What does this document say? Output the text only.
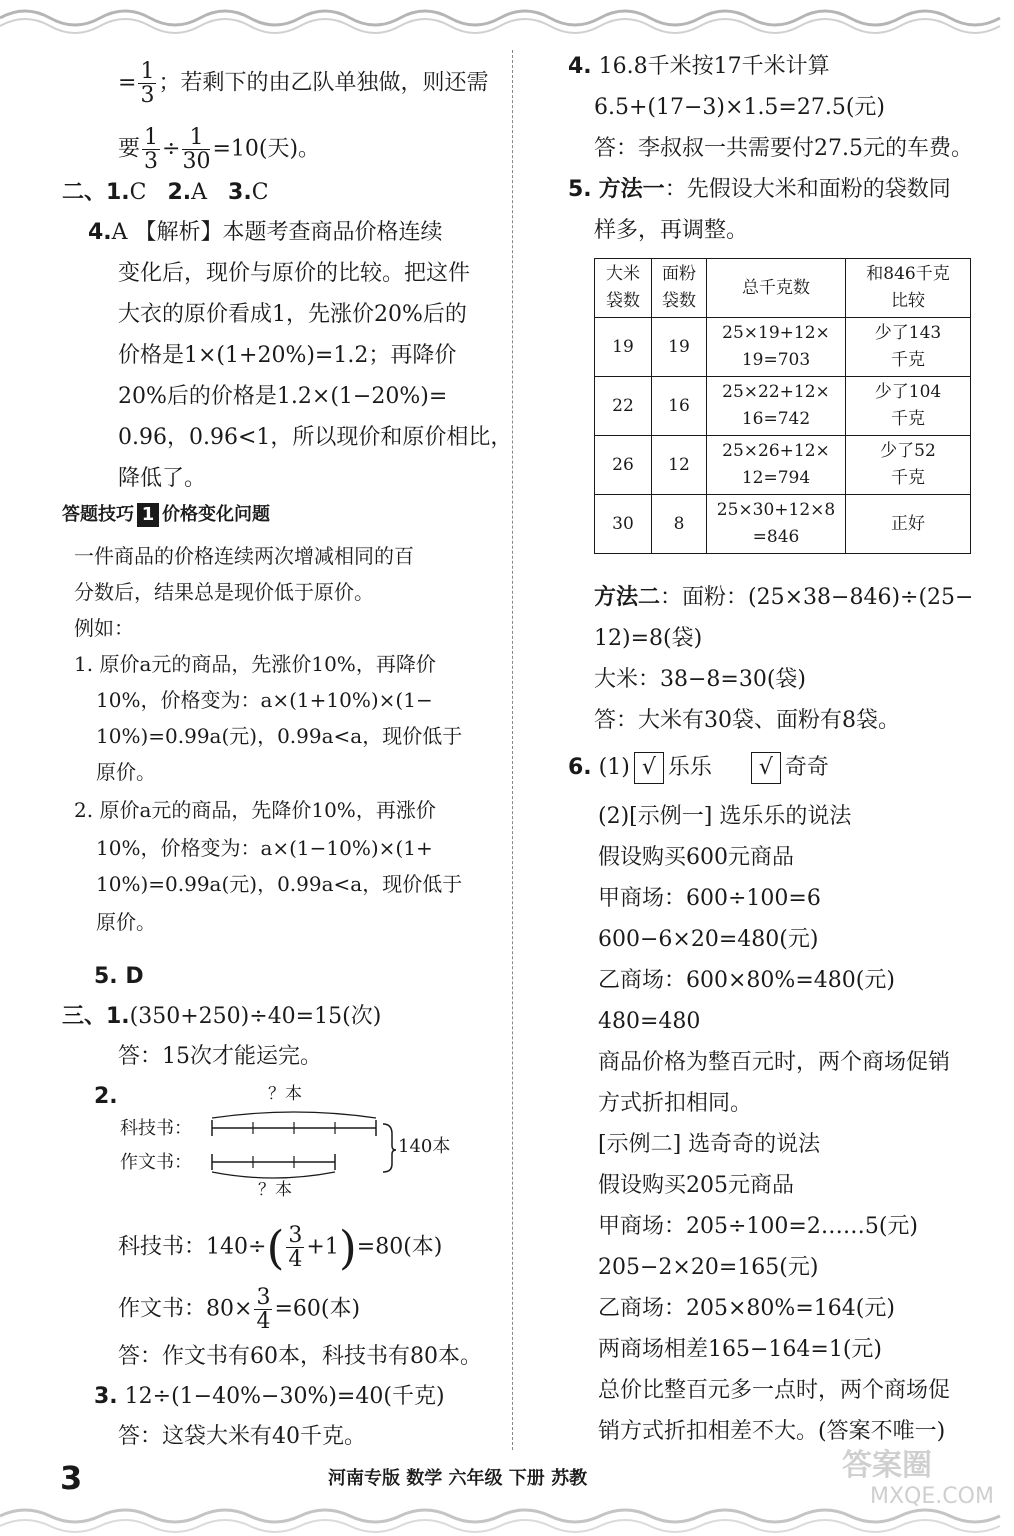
= $\frac{1}{3}$ ；若剩下的由乙队单独做，则还需
要 $\frac{1}{3} \div \frac{1}{30} =10$(天)。
二、1.C 2.A 3.C
4.A 【解析】本题考查商品价格连续
变化后，现价与原价的比较。把这件
大衣的原价看成1，先涨价20%后的
价格是1×(1+20%)=1.2；再降价
20%后的价格是1.2×(1−20%)=
0.96，0.96<1，所以现价和原价相比，
降低了。
答题技巧 1 价格变化问题
一件商品的价格连续两次增减相同的百
分数后，结果总是现价低于原价。
例如：
1. 原价a元的商品，先涨价10%，再降价
10%，价格变为：a×(1+10%)×(1−
10%)=0.99a(元)，0.99a<a，现价低于
原价。
2. 原价a元的商品，先降价10%，再涨价
10%，价格变为：a×(1−10%)×(1+
10%)=0.99a(元)，0.99a<a，现价低于
原价。
5. D
三、1.(350+250)÷40=15(次)
答：15次才能运完。
2.	？本
科技书：
作文书：
140本
？本
科技书：$140\div( \frac{3}{4} +1)=80$(本)
作文书：$80\times \frac{3}{4} =60$(本)
答：作文书有60本，科技书有80本。
3. 12÷(1−40%−30%)=40(千克)
答：这袋大米有40千克。
4. 16.8千米按17千米计算
6.5+(17−3)×1.5=27.5(元)
答：李叔叔一共需要付27.5元的车费。
5. 方法一：先假设大米和面粉的袋数同
样多，再调整。
大米
袋数	面粉
袋数	总千克数	和846千克
比较
19	19	25×19+12×
19=703	少了143
千克
22	16	25×22+12×
16=742	少了104
千克
26	12	25×26+12×
12=794	少了52
千克
30	8	25×30+12×8
=846	正好
方法二：面粉：(25×38−846)÷(25−
12)=8(袋)
大米：38−8=30(袋)
答：大米有30袋、面粉有8袋。
6. (1) √ 乐乐 √ 奇奇
(2)[示例一] 选乐乐的说法
假设购买600元商品
甲商场：600÷100=6
600−6×20=480(元)
乙商场：600×80%=480(元)
480=480
商品价格为整百元时，两个商场促销
方式折扣相同。
[示例二] 选奇奇的说法
假设购买205元商品
甲商场：205÷100=2……5(元)
205−2×20=165(元)
乙商场：205×80%=164(元)
两商场相差165−164=1(元)
总价比整百元多一点时，两个商场促
销方式折扣相差不大。(答案不唯一)
答案圈
MXQE.COM
3	河南专版 数学 六年级 下册 苏教
